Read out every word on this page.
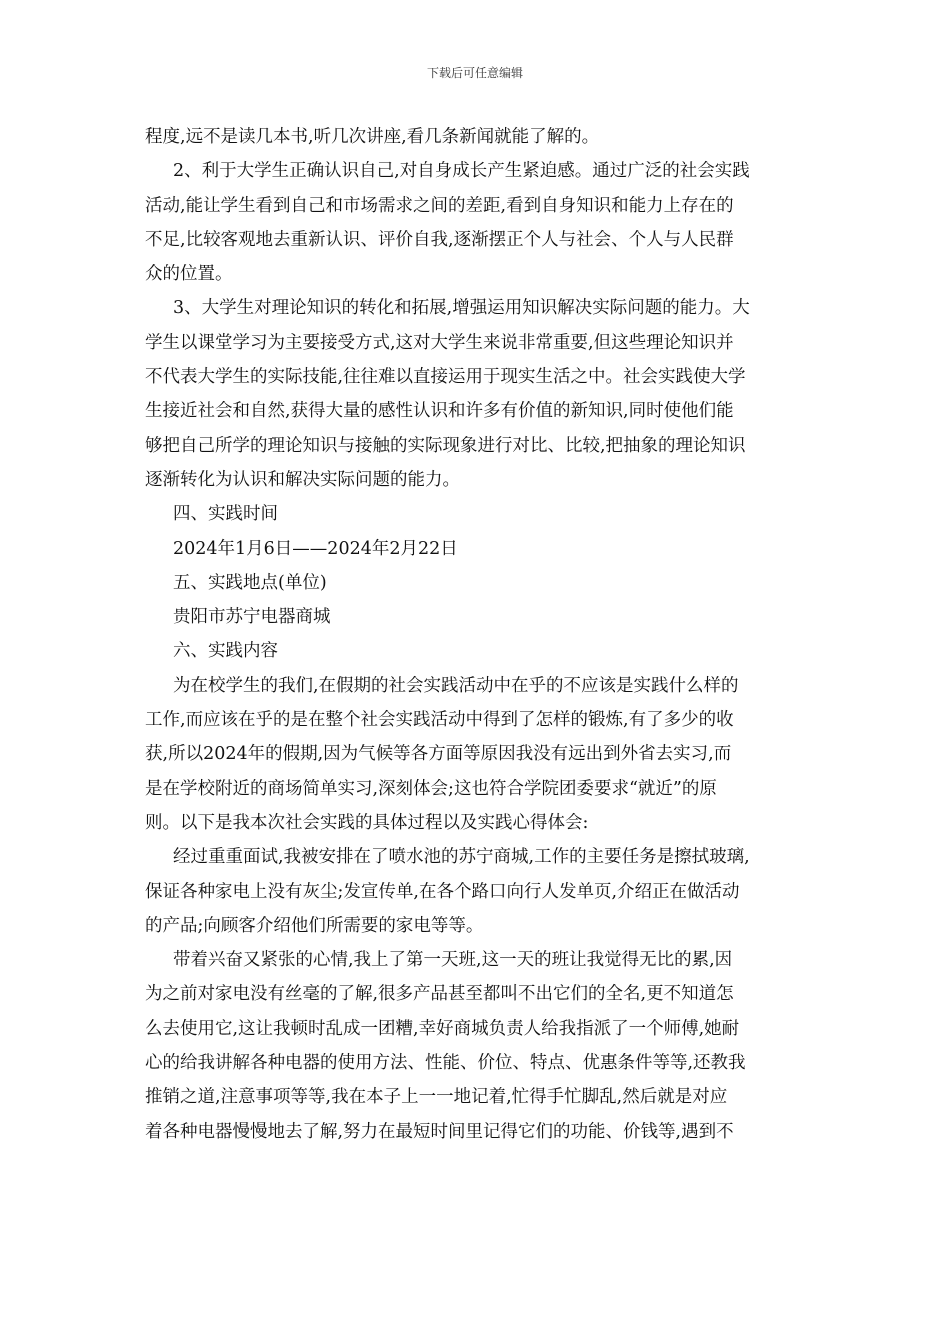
下载后可任意编辑
程度,远不是读几本书,听几次讲座,看几条新闻就能了解的。
2、利于大学生正确认识自己,对自身成长产生紧迫感。通过广泛的社会实践
活动,能让学生看到自己和市场需求之间的差距,看到自身知识和能力上存在的
不足,比较客观地去重新认识、评价自我,逐渐摆正个人与社会、个人与人民群
众的位置。
3、大学生对理论知识的转化和拓展,增强运用知识解决实际问题的能力。大
学生以课堂学习为主要接受方式,这对大学生来说非常重要,但这些理论知识并
不代表大学生的实际技能,往往难以直接运用于现实生活之中。社会实践使大学
生接近社会和自然,获得大量的感性认识和许多有价值的新知识,同时使他们能
够把自己所学的理论知识与接触的实际现象进行对比、比较,把抽象的理论知识
逐渐转化为认识和解决实际问题的能力。
四、实践时间
2024年1月6日——2024年2月22日
五、实践地点(单位)
贵阳市苏宁电器商城
六、实践内容
为在校学生的我们,在假期的社会实践活动中在乎的不应该是实践什么样的
工作,而应该在乎的是在整个社会实践活动中得到了怎样的锻炼,有了多少的收
获,所以2024年的假期,因为气候等各方面等原因我没有远出到外省去实习,而
是在学校附近的商场简单实习,深刻体会;这也符合学院团委要求“就近”的原
则。以下是我本次社会实践的具体过程以及实践心得体会:
经过重重面试,我被安排在了喷水池的苏宁商城,工作的主要任务是擦拭玻璃,
保证各种家电上没有灰尘;发宣传单,在各个路口向行人发单页,介绍正在做活动
的产品;向顾客介绍他们所需要的家电等等。
带着兴奋又紧张的心情,我上了第一天班,这一天的班让我觉得无比的累,因
为之前对家电没有丝毫的了解,很多产品甚至都叫不出它们的全名,更不知道怎
么去使用它,这让我顿时乱成一团糟,幸好商城负责人给我指派了一个师傅,她耐
心的给我讲解各种电器的使用方法、性能、价位、特点、优惠条件等等,还教我
推销之道,注意事项等等,我在本子上一一地记着,忙得手忙脚乱,然后就是对应
着各种电器慢慢地去了解,努力在最短时间里记得它们的功能、价钱等,遇到不
